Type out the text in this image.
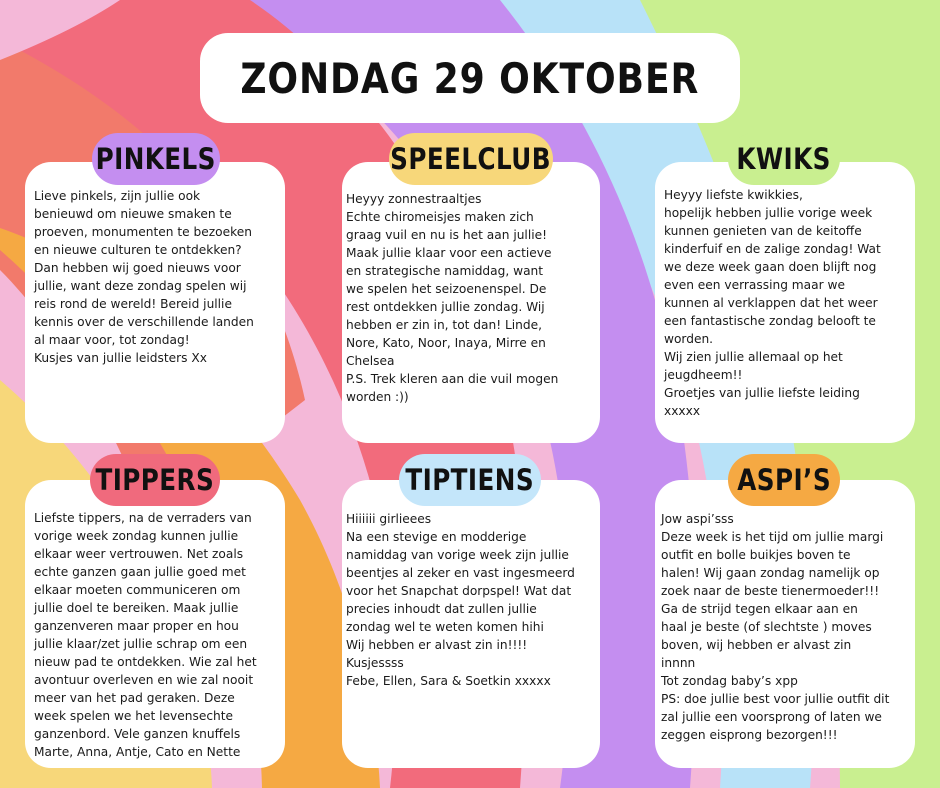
ZONDAG 29 OKTOBER
Lieve pinkels, zijn jullie ook
benieuwd om nieuwe smaken te
proeven, monumenten te bezoeken
en nieuwe culturen te ontdekken?
Dan hebben wij goed nieuws voor
jullie, want deze zondag spelen wij
reis rond de wereld! Bereid jullie
kennis over de verschillende landen
al maar voor, tot zondag!
Kusjes van jullie leidsters Xx
PINKELS
Heyyy zonnestraaltjes
Echte chiromeisjes maken zich
graag vuil en nu is het aan jullie!
Maak jullie klaar voor een actieve
en strategische namiddag, want
we spelen het seizoenenspel. De
rest ontdekken jullie zondag. Wij
hebben er zin in, tot dan! Linde,
Nore, Kato, Noor, Inaya, Mirre en
Chelsea
P.S. Trek kleren aan die vuil mogen
worden :))
SPEELCLUB
Heyyy liefste kwikkies,
hopelijk hebben jullie vorige week
kunnen genieten van de keitoffe
kinderfuif en de zalige zondag! Wat
we deze week gaan doen blijft nog
even een verrassing maar we
kunnen al verklappen dat het weer
een fantastische zondag belooft te
worden.
Wij zien jullie allemaal op het
jeugdheem!!
Groetjes van jullie liefste leiding
xxxxx
KWIKS
Liefste tippers, na de verraders van
vorige week zondag kunnen jullie
elkaar weer vertrouwen. Net zoals
echte ganzen gaan jullie goed met
elkaar moeten communiceren om
jullie doel te bereiken. Maak jullie
ganzenveren maar proper en hou
jullie klaar/zet jullie schrap om een
nieuw pad te ontdekken. Wie zal het
avontuur overleven en wie zal nooit
meer van het pad geraken. Deze
week spelen we het levensechte
ganzenbord. Vele ganzen knuffels
Marte, Anna, Antje, Cato en Nette
TIPPERS
Hiiiiii girlieees
Na een stevige en modderige
namiddag van vorige week zijn jullie
beentjes al zeker en vast ingesmeerd
voor het Snapchat dorpspel! Wat dat
precies inhoudt dat zullen jullie
zondag wel te weten komen hihi
Wij hebben er alvast zin in!!!!
Kusjessss
Febe, Ellen, Sara & Soetkin xxxxx
TIPTIENS
Jow aspi’sss
Deze week is het tijd om jullie margi
outfit en bolle buikjes boven te
halen! Wij gaan zondag namelijk op
zoek naar de beste tienermoeder!!!
Ga de strijd tegen elkaar aan en
haal je beste (of slechtste ) moves
boven, wij hebben er alvast zin
innnn
Tot zondag baby’s xpp
PS: doe jullie best voor jullie outfit dit
zal jullie een voorsprong of laten we
zeggen eisprong bezorgen!!!
ASPI’S
